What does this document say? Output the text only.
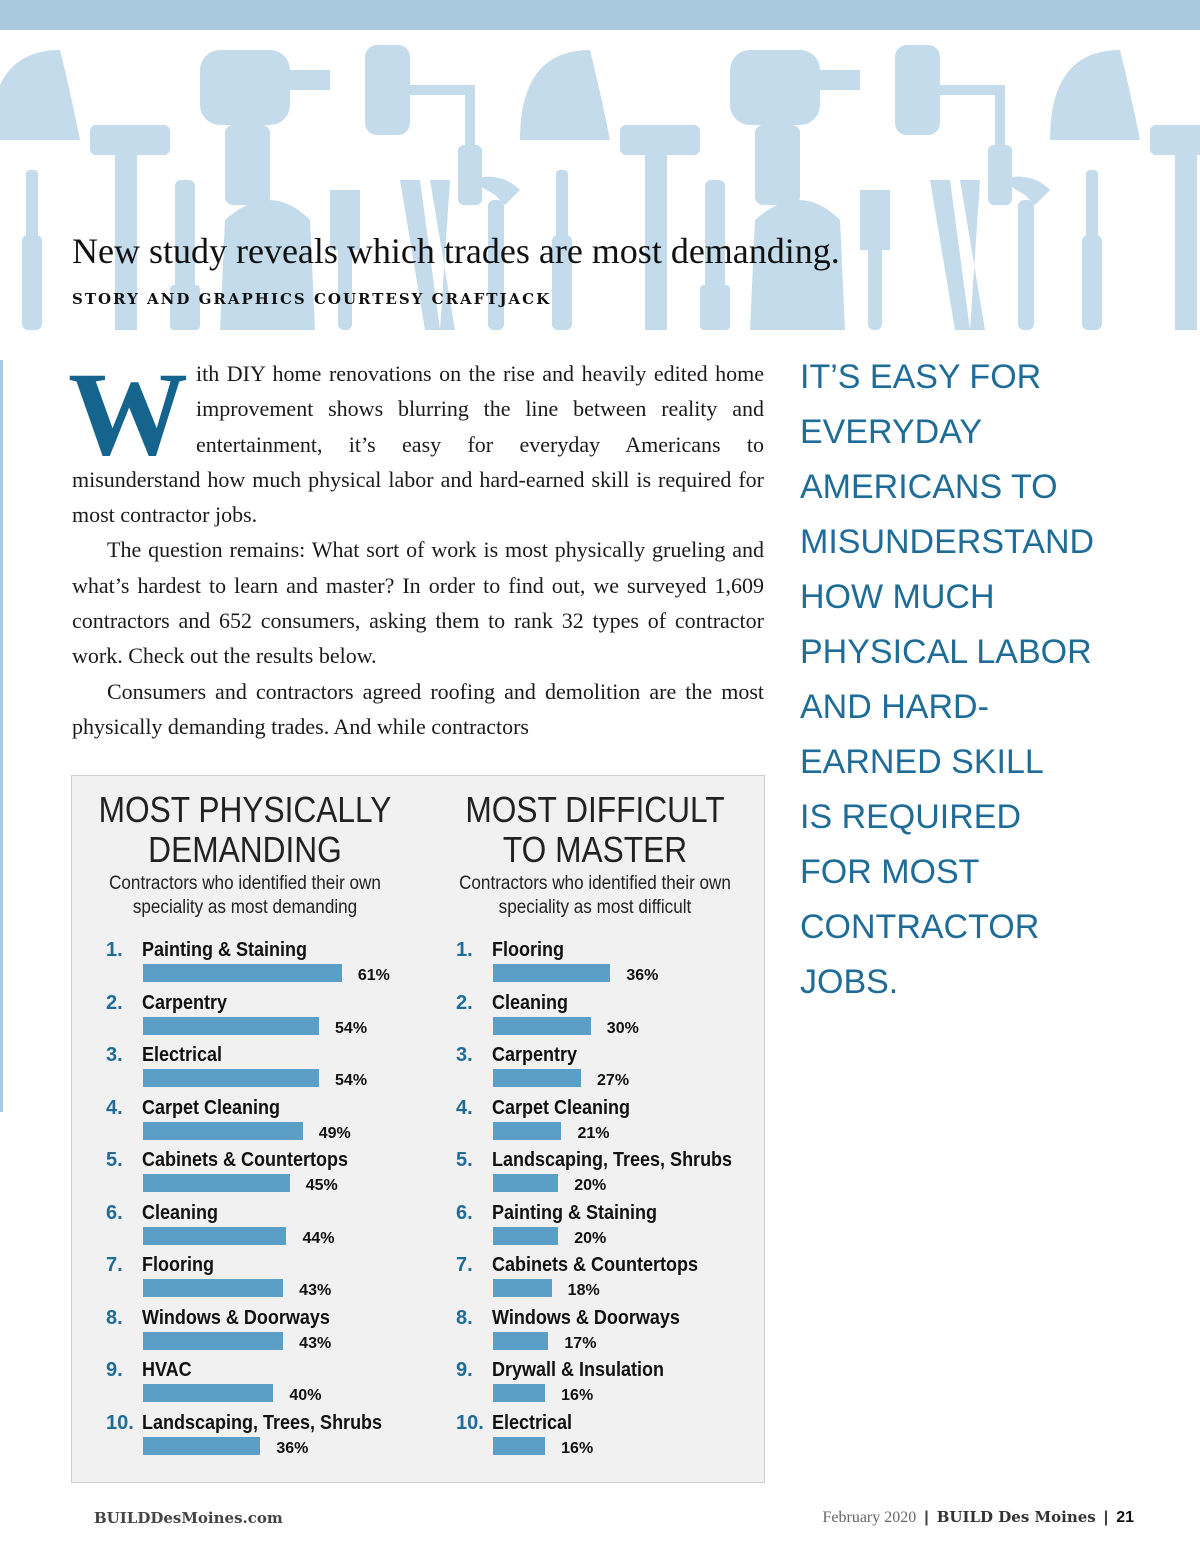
New study reveals which trades are most demanding.
STORY AND GRAPHICS COURTESY CRAFTJACK

With DIY home renovations on the rise and heavily edited home improvement shows blurring the line between reality and entertainment, it’s easy for everyday Americans to misunderstand how much physical labor and hard-earned skill is required for most contractor jobs.

The question remains: What sort of work is most physically grueling and what’s hardest to learn and master? In order to find out, we surveyed 1,609 contractors and 652 consumers, asking them to rank 32 types of contractor work. Check out the results below.

Consumers and contractors agreed roofing and demolition are the most physically demanding trades. And while contractors

IT’S EASY FOR
EVERYDAY
AMERICANS TO
MISUNDERSTAND
HOW MUCH
PHYSICAL LABOR
AND HARD-
EARNED SKILL
IS REQUIRED
FOR MOST
CONTRACTOR
JOBS.
MOST PHYSICALLY DEMANDING
Contractors who identified their own speciality as most demanding
1. Painting & Staining
61%
2. Carpentry
54%
3. Electrical
54%
4. Carpet Cleaning
49%
5. Cabinets & Countertops
45%
6. Cleaning
44%
7. Flooring
43%
8. Windows & Doorways
43%
9. HVAC
40%
10. Landscaping, Trees, Shrubs
36%
MOST DIFFICULT TO MASTER
Contractors who identified their own speciality as most difficult
1. Flooring
36%
2. Cleaning
30%
3. Carpentry
27%
4. Carpet Cleaning
21%
5. Landscaping, Trees, Shrubs
20%
6. Painting & Staining
20%
7. Cabinets & Countertops
18%
8. Windows & Doorways
17%
9. Drywall & Insulation
16%
10. Electrical
16%
BUILDDesMoines.com	February 2020 | BUILD Des Moines | 21
